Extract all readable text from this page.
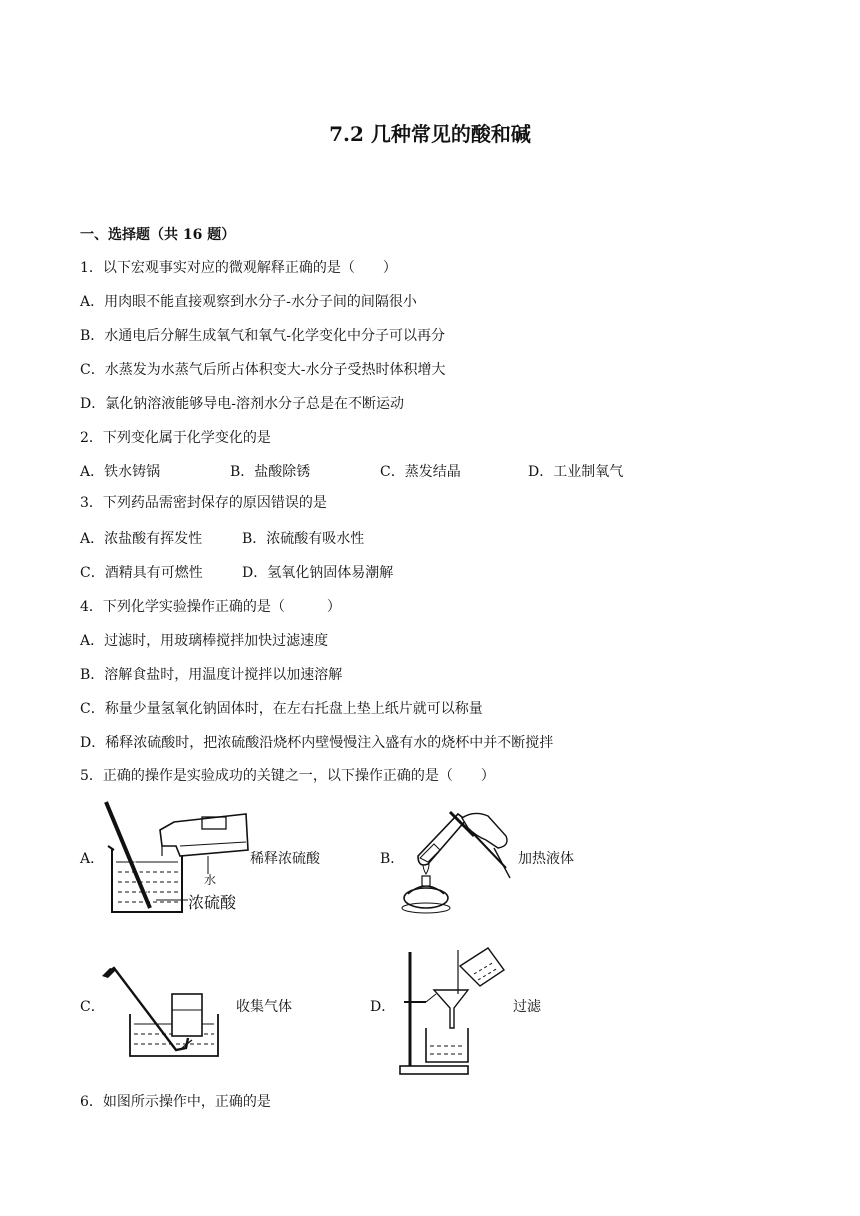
7.2 几种常见的酸和碱
一、选择题（共 16 题）
1．以下宏观事实对应的微观解释正确的是（　　）
A．用肉眼不能直接观察到水分子-水分子间的间隔很小
B．水通电后分解生成氧气和氧气-化学变化中分子可以再分
C．水蒸发为水蒸气后所占体积变大-水分子受热时体积增大
D．氯化钠溶液能够导电-溶剂水分子总是在不断运动
2．下列变化属于化学变化的是
A．铁水铸锅	B．盐酸除锈	C．蒸发结晶	D．工业制氧气
3．下列药品需密封保存的原因错误的是
A．浓盐酸有挥发性	B．浓硫酸有吸水性
C．酒精具有可燃性	D．氢氧化钠固体易潮解
4．下列化学实验操作正确的是（　　　）
A．过滤时，用玻璃棒搅拌加快过滤速度
B．溶解食盐时，用温度计搅拌以加速溶解
C．称量少量氢氧化钠固体时，在左右托盘上垫上纸片就可以称量
D．稀释浓硫酸时，把浓硫酸沿烧杯内壁慢慢注入盛有水的烧杯中并不断搅拌
5．正确的操作是实验成功的关键之一，以下操作正确的是（　　）
A．
水
浓硫酸
稀释浓硫酸	B．	加热液体
C．	收集气体	D．	过滤
6．如图所示操作中，正确的是
